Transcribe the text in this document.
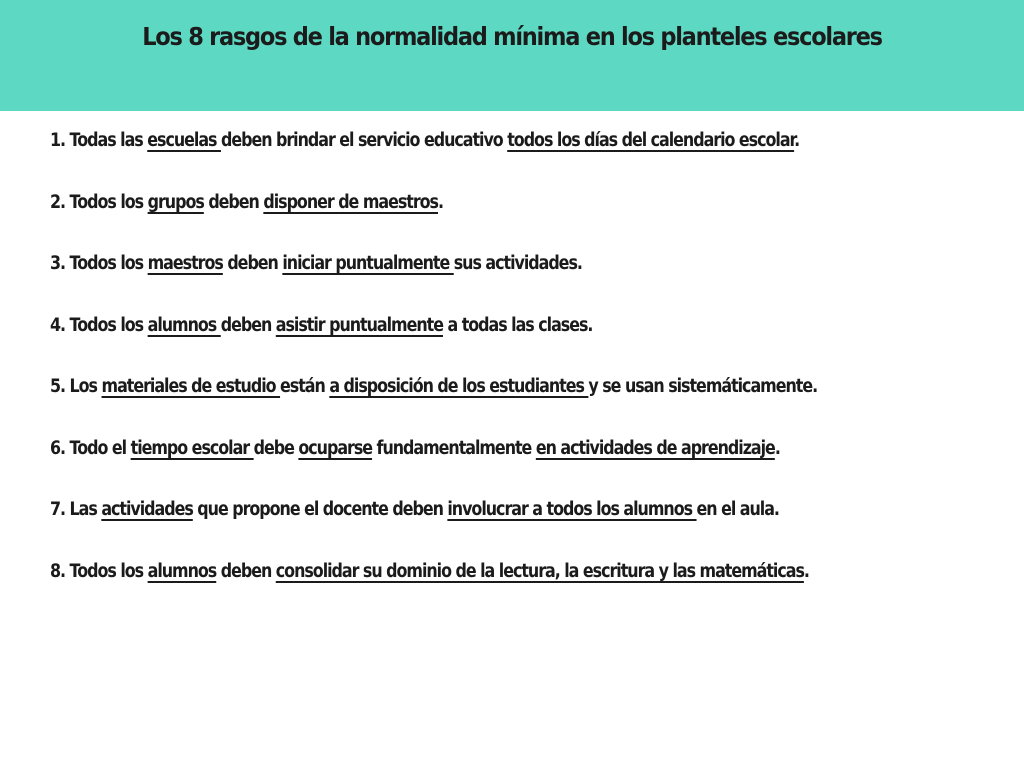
Los 8 rasgos de la normalidad mínima en los planteles escolares
1. Todas las escuelas deben brindar el servicio educativo todos los días del calendario escolar.
2. Todos los grupos deben disponer de maestros.
3. Todos los maestros deben iniciar puntualmente sus actividades.
4. Todos los alumnos deben asistir puntualmente a todas las clases.
5. Los materiales de estudio están a disposición de los estudiantes y se usan sistemáticamente.
6. Todo el tiempo escolar debe ocuparse fundamentalmente en actividades de aprendizaje.
7. Las actividades que propone el docente deben involucrar a todos los alumnos en el aula.
8. Todos los alumnos deben consolidar su dominio de la lectura, la escritura y las matemáticas.
